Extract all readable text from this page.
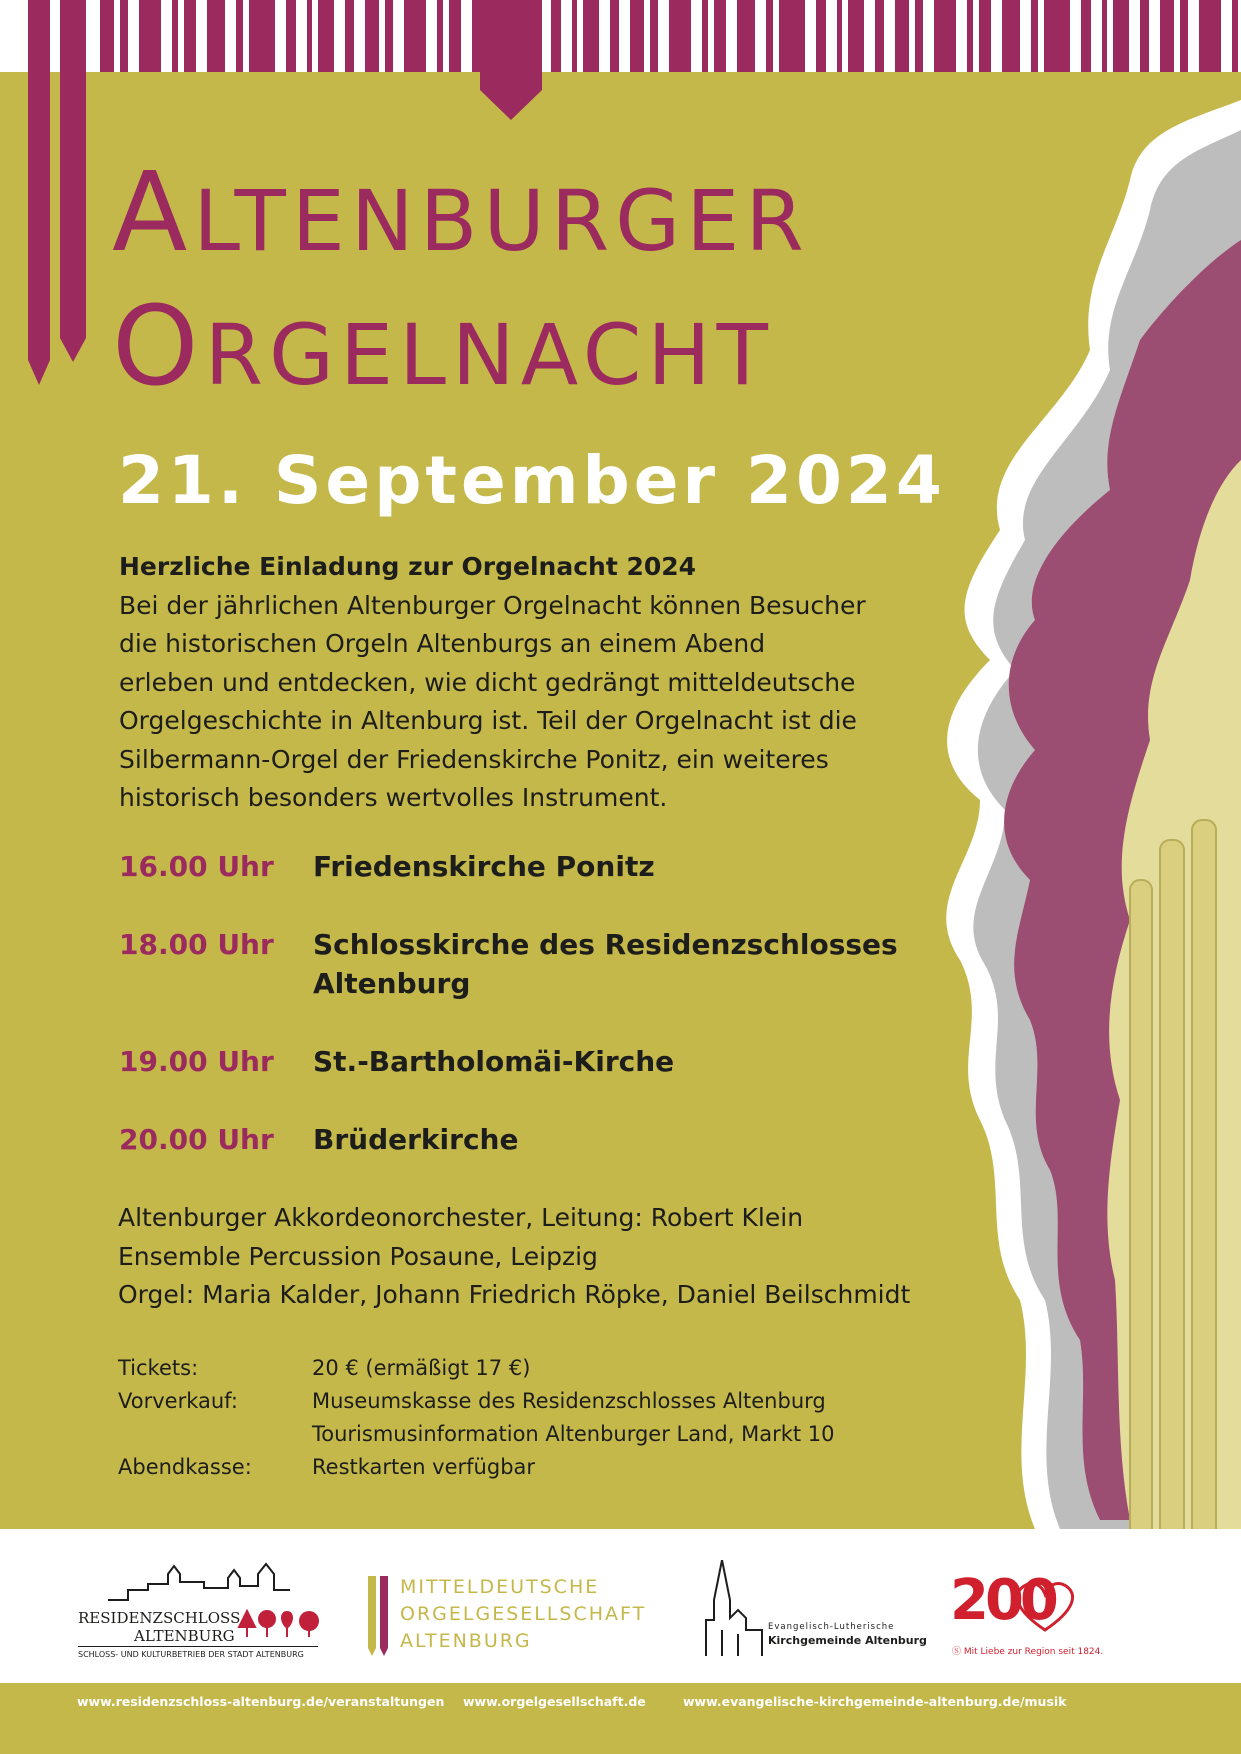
ALTENBURGER
ORGELNACHT
21. September 2024
Herzliche Einladung zur Orgelnacht 2024
Bei der jährlichen Altenburger Orgelnacht können Besucher
die historischen Orgeln Altenburgs an einem Abend
erleben und entdecken, wie dicht gedrängt mitteldeutsche
Orgelgeschichte in Altenburg ist. Teil der Orgelnacht ist die
Silbermann-Orgel der Friedenskirche Ponitz, ein weiteres
historisch besonders wertvolles Instrument.
16.00 Uhr	Friedenskirche Ponitz
18.00 Uhr	Schlosskirche des Residenzschlosses
Altenburg
19.00 Uhr	St.-Bartholomäi-Kirche
20.00 Uhr	Brüderkirche
Altenburger Akkordeonorchester, Leitung: Robert Klein
Ensemble Percussion Posaune, Leipzig
Orgel: Maria Kalder, Johann Friedrich Röpke, Daniel Beilschmidt
Tickets:	20 € (ermäßigt 17 €)
Vorverkauf:	Museumskasse des Residenzschlosses Altenburg
Tourismusinformation Altenburger Land, Markt 10
Abendkasse:	Restkarten verfügbar
RESIDENZSCHLOSS
ALTENBURG
SCHLOSS- UND KULTURBETRIEB DER STADT ALTENBURG
MITTELDEUTSCHE
ORGELGESELLSCHAFT
ALTENBURG
Evangelisch-Lutherische
Kirchgemeinde Altenburg
200
Ⓢ Mit Liebe zur Region seit 1824.
www.residenzschloss-altenburg.de/veranstaltungen www.orgelgesellschaft.de	www.evangelische-kirchgemeinde-altenburg.de/musik
